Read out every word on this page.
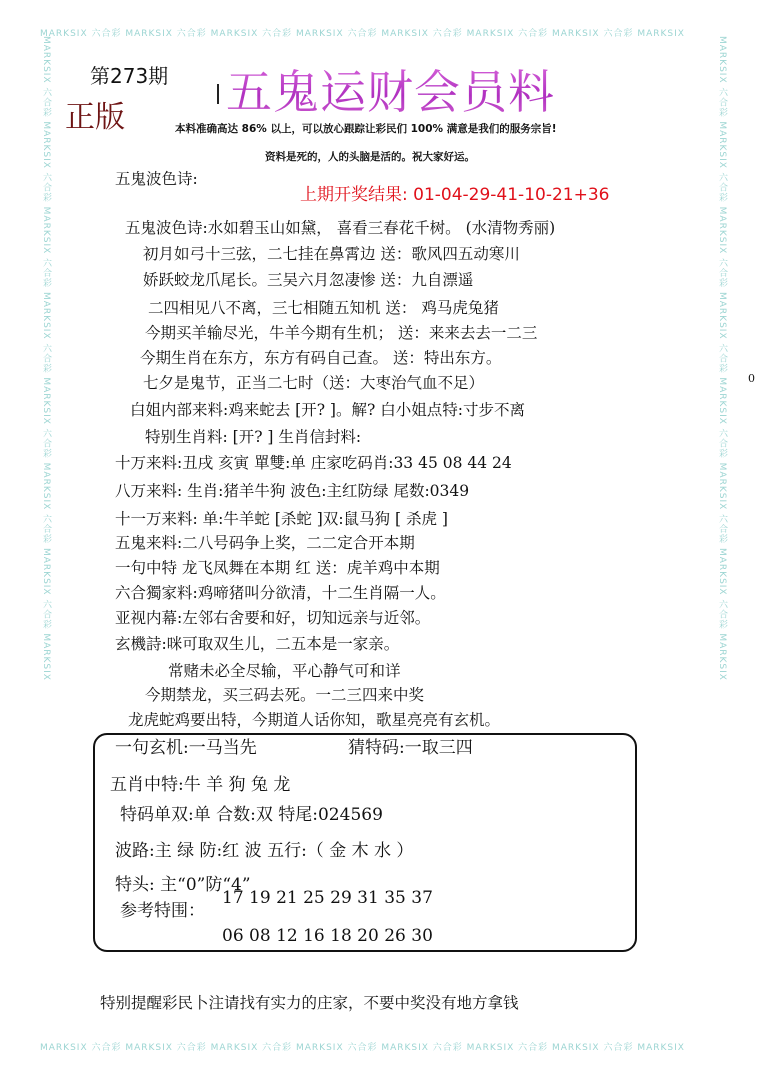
MARKSIX 六合彩 MARKSIX 六合彩 MARKSIX 六合彩 MARKSIX 六合彩 MARKSIX 六合彩 MARKSIX 六合彩 MARKSIX 六合彩 MARKSIX
MARKSIX 六合彩 MARKSIX 六合彩 MARKSIX 六合彩 MARKSIX 六合彩 MARKSIX 六合彩 MARKSIX 六合彩 MARKSIX 六合彩 MARKSIX
MARKSIX 六合彩 MARKSIX 六合彩 MARKSIX 六合彩 MARKSIX 六合彩 MARKSIX 六合彩 MARKSIX 六合彩 MARKSIX 六合彩 MARKSIX	MARKSIX 六合彩 MARKSIX 六合彩 MARKSIX 六合彩 MARKSIX 六合彩 MARKSIX 六合彩 MARKSIX 六合彩 MARKSIX 六合彩 MARKSIX
第273期
正版 五鬼运财会员料
本料准确高达 86% 以上，可以放心跟踪让彩民们 100% 满意是我们的服务宗旨!
资料是死的，人的头脑是活的。祝大家好运。
五鬼波色诗:
上期开奖结果: 01-04-29-41-10-21+36
五鬼波色诗:水如碧玉山如黛， 喜看三春花千树。 (水清物秀丽)
初月如弓十三弦，二七挂在鼻霄边 送：歌风四五动寒川
娇跃蛟龙爪尾长。三吴六月忽凄惨 送：九自漂遥
二四相见八不离，三七相随五知机 送： 鸡马虎兔猪
今期买羊输尽光，牛羊今期有生机； 送：来来去去一二三
今期生肖在东方，东方有码自己查。 送：特出东方。
七夕是鬼节，正当二七时（送：大枣治气血不足）	0
白姐内部来料:鸡来蛇去 [开? ]。解? 白小姐点特:寸步不离
特别生肖料: [开? ] 生肖信封料:
十万来料:丑戌 亥寅 單雙:单 庄家吃码肖:33 45 08 44 24
八万来料: 生肖:猪羊牛狗 波色:主红防绿 尾数:0349
十一万来料: 单:牛羊蛇 [杀蛇 ]双:鼠马狗 [ 杀虎 ]
五鬼来料:二八号码争上奖，二二定合开本期
一句中特 龙飞凤舞在本期 红 送：虎羊鸡中本期
六合獨家料:鸡啼猪叫分欲清，十二生肖隔一人。
亚视内幕:左邻右舍要和好，切知远亲与近邻。
玄機詩:咪可取双生儿，二五本是一家亲。
常赌未必全尽输，平心静气可和详
今期禁龙，买三码去死。一二三四来中奖
龙虎蛇鸡要出特，今期道人话你知，歌星亮亮有玄机。
一句玄机:一马当先	猜特码:一取三四
五肖中特:牛 羊 狗 兔 龙
特码单双:单 合数:双 特尾:024569
波路:主 绿 防:红 波 五行:（ 金 木 水 ）
特头: 主“0”防“4”
参考特围：
17 19 21 25 29 31 35 37
06 08 12 16 18 20 26 30
特别提醒彩民卜注请找有实力的庄家，不要中奖没有地方拿钱
